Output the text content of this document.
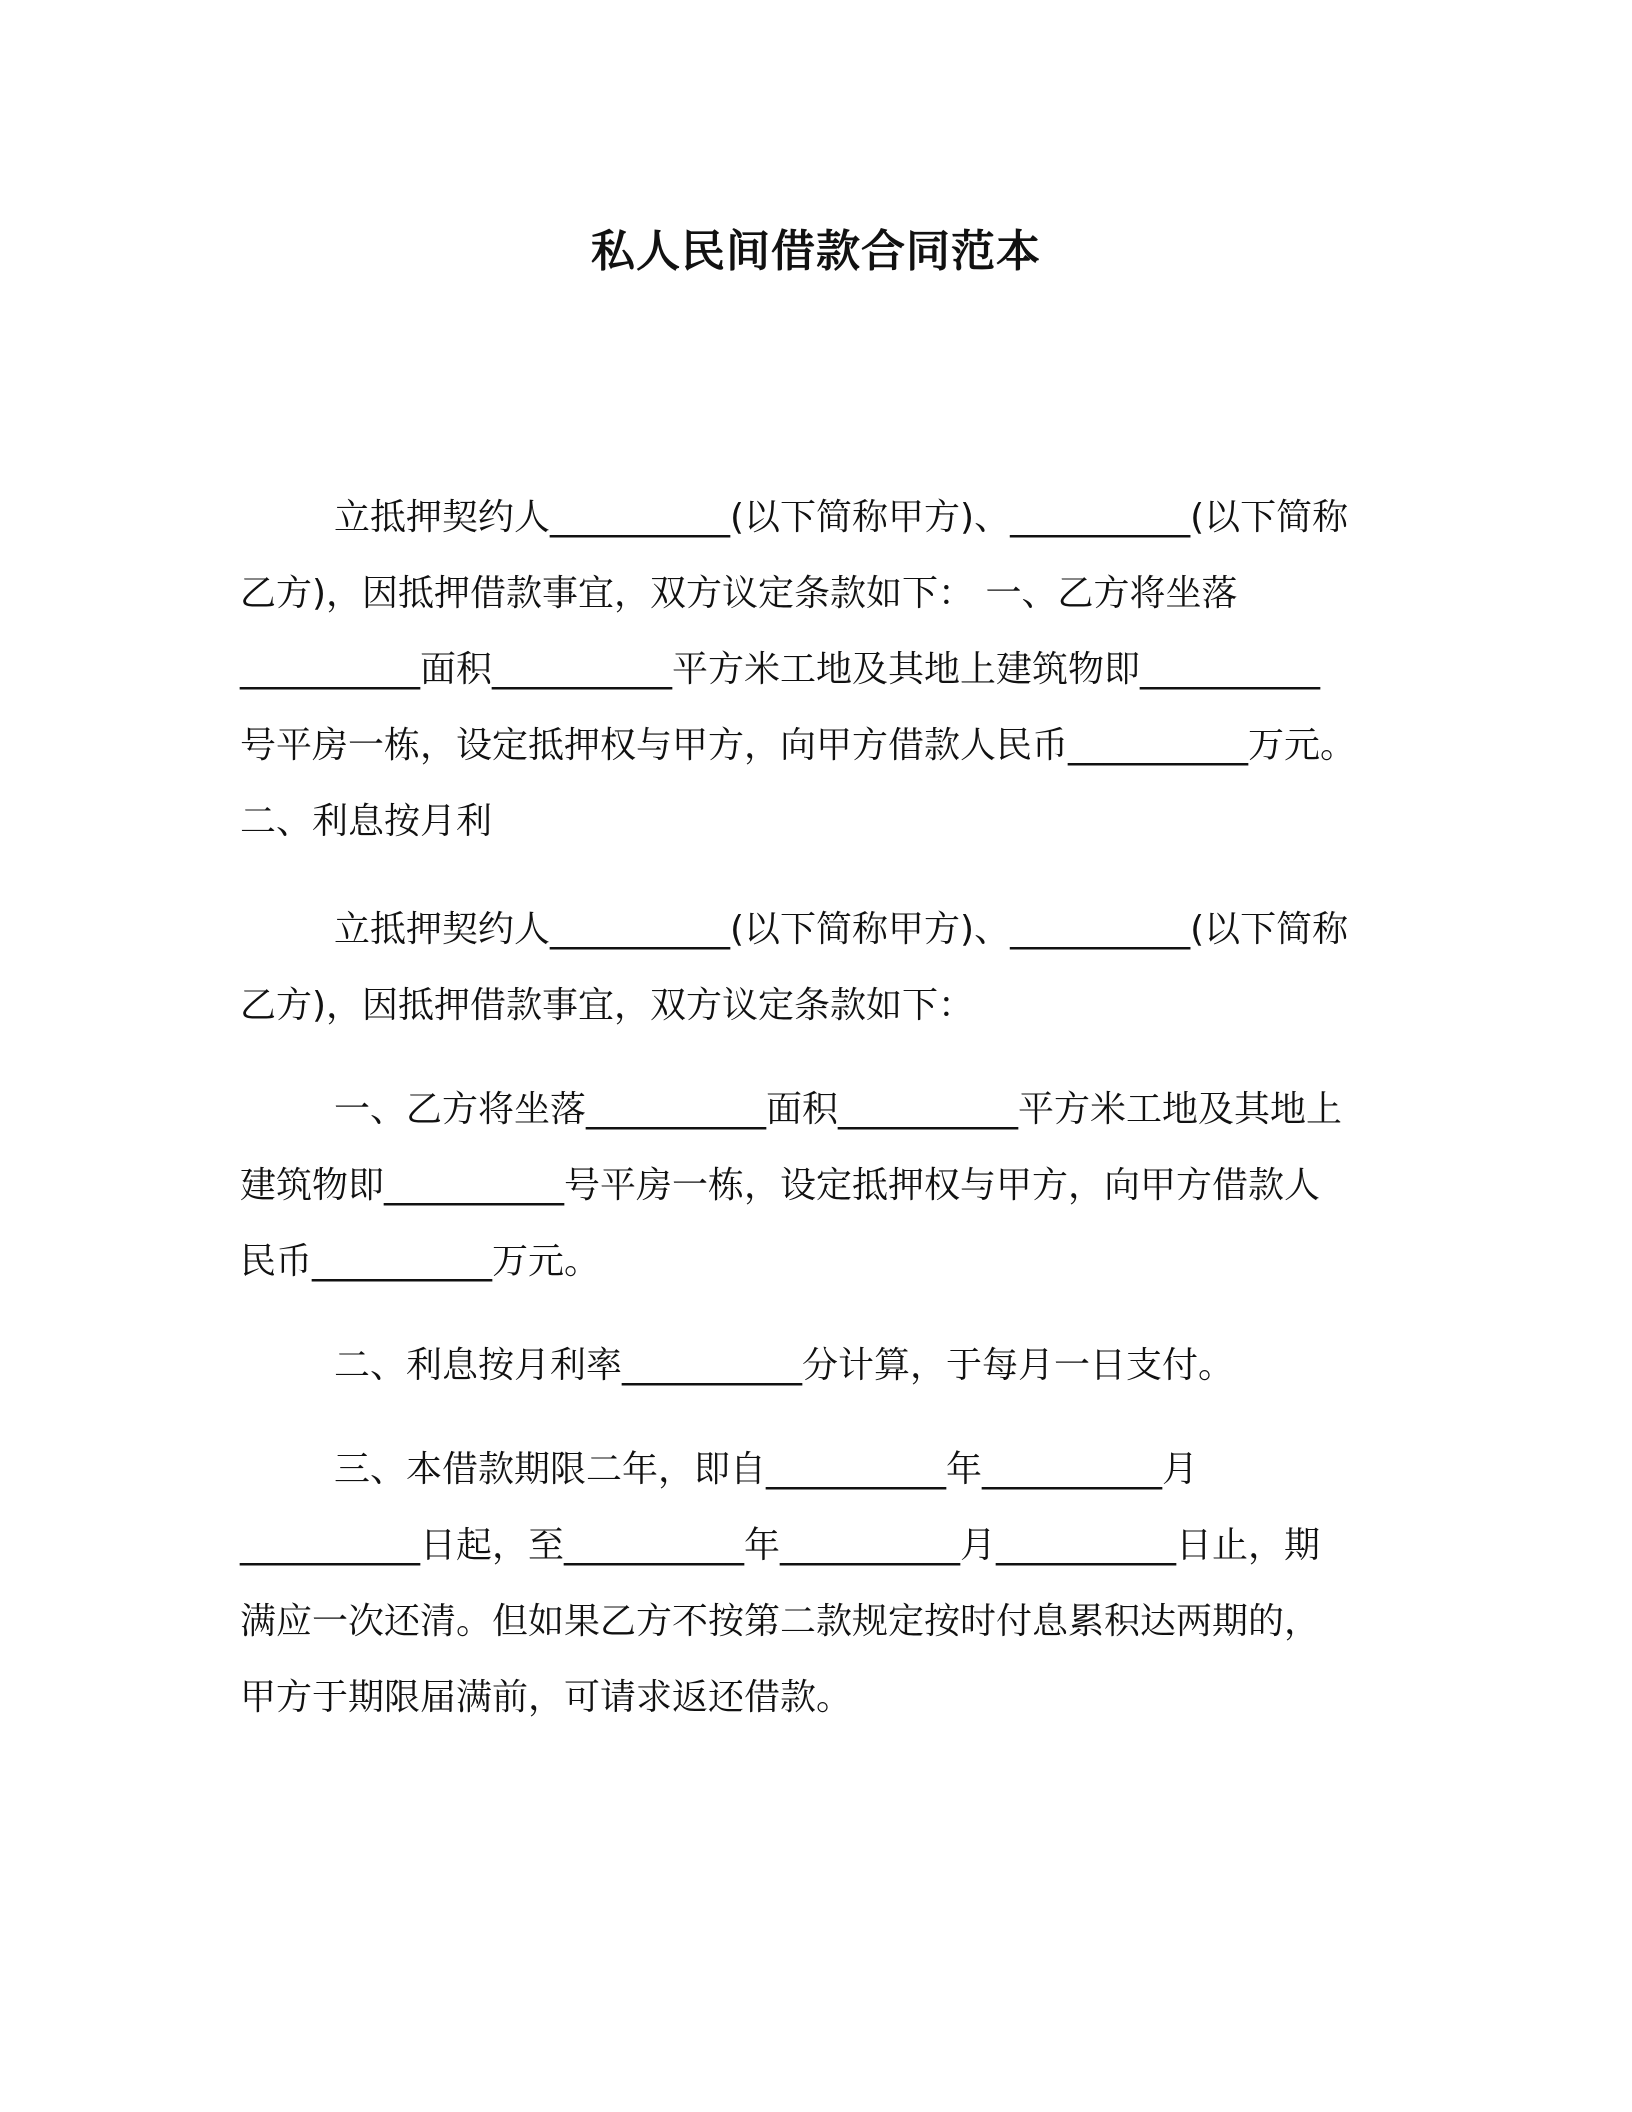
私人民间借款合同范本
立抵押契约人__________(以下简称甲方)、__________(以下简称
乙方)，因抵押借款事宜，双方议定条款如下： 一、乙方将坐落
__________面积__________平方米工地及其地上建筑物即__________
号平房一栋，设定抵押权与甲方，向甲方借款人民币__________万元。
二、利息按月利
立抵押契约人__________(以下简称甲方)、__________(以下简称
乙方)，因抵押借款事宜，双方议定条款如下：
一、乙方将坐落__________面积__________平方米工地及其地上
建筑物即__________号平房一栋，设定抵押权与甲方，向甲方借款人
民币__________万元。
二、利息按月利率__________分计算，于每月一日支付。
三、本借款期限二年，即自__________年__________月
__________日起，至__________年__________月__________日止，期
满应一次还清。但如果乙方不按第二款规定按时付息累积达两期的，
甲方于期限届满前，可请求返还借款。
